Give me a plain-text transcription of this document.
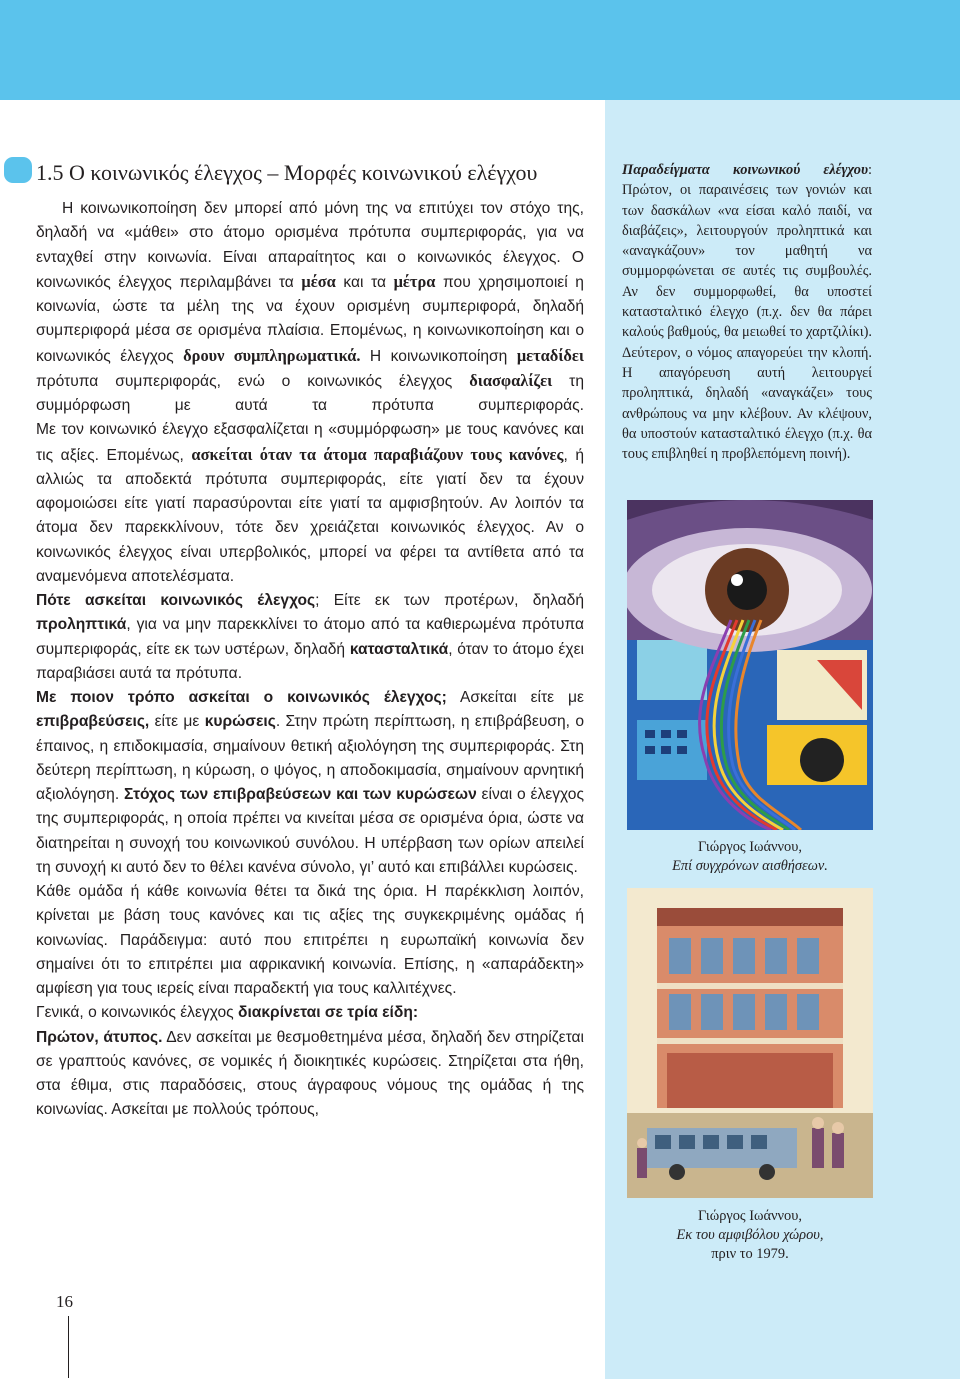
1.5 Ο κοινωνικός έλεγχος – Μορφές κοινωνικού ελέγχου

Η κοινωνικοποίηση δεν μπορεί από μόνη της να επιτύχει τον στόχο της, δηλαδή να «μάθει» στο άτομο ορισμένα πρότυπα συμπεριφοράς, για να ενταχθεί στην κοινωνία. Είναι απαραίτητος και ο κοινωνικός έλεγχος. Ο κοινωνικός έλεγχος περιλαμβάνει τα μέσα και τα μέτρα που χρησιμοποιεί η κοινωνία, ώστε τα μέλη της να έχουν ορισμένη συμπεριφορά, δηλαδή συμπεριφορά μέσα σε ορισμένα πλαίσια. Επομένως, η κοινωνικοποίηση και ο κοινωνικός έλεγχος δρουν συμπληρωματικά. Η κοινωνικοποίηση μεταδίδει πρότυπα συμπεριφοράς, ενώ ο κοινωνικός έλεγχος διασφαλίζει τη συμμόρφωση με αυτά τα πρότυπα συμπεριφοράς.

Με τον κοινωνικό έλεγχο εξασφαλίζεται η «συμμόρφωση» με τους κανόνες και τις αξίες. Επομένως, ασκείται όταν τα άτομα παραβιάζουν τους κανόνες, ή αλλιώς τα αποδεκτά πρότυπα συμπεριφοράς, είτε γιατί δεν τα έχουν αφομοιώσει είτε γιατί παρασύρονται είτε γιατί τα αμφισβητούν. Αν λοιπόν τα άτομα δεν παρεκκλίνουν, τότε δεν χρειάζεται κοινωνικός έλεγχος. Αν ο κοινωνικός έλεγχος είναι υπερβολικός, μπορεί να φέρει τα αντίθετα από τα αναμενόμενα αποτελέσματα.

Πότε ασκείται κοινωνικός έλεγχος; Είτε εκ των προτέρων, δηλαδή προληπτικά, για να μην παρεκκλίνει το άτομο από τα καθιερωμένα πρότυπα συμπεριφοράς, είτε εκ των υστέρων, δηλαδή κατασταλτικά, όταν το άτομο έχει παραβιάσει αυτά τα πρότυπα.

Με ποιον τρόπο ασκείται ο κοινωνικός έλεγχος; Ασκείται είτε με επιβραβεύσεις, είτε με κυρώσεις. Στην πρώτη περίπτωση, η επιβράβευση, ο έπαινος, η επιδοκιμασία, σημαίνουν θετική αξιολόγηση της συμπεριφοράς. Στη δεύτερη περίπτωση, η κύρωση, ο ψόγος, η αποδοκιμασία, σημαίνουν αρνητική αξιολόγηση. Στόχος των επιβραβεύσεων και των κυρώσεων είναι ο έλεγχος της συμπεριφοράς, η οποία πρέπει να κινείται μέσα σε ορισμένα όρια, ώστε να διατηρείται η συνοχή του κοινωνικού συνόλου. Η υπέρβαση των ορίων απειλεί τη συνοχή κι αυτό δεν το θέλει κανένα σύνολο, γι’ αυτό και επιβάλλει κυρώσεις.

Κάθε ομάδα ή κάθε κοινωνία θέτει τα δικά της όρια. Η παρέκκλιση λοιπόν, κρίνεται με βάση τους κανόνες και τις αξίες της συγκεκριμένης ομάδας ή κοινωνίας. Παράδειγμα: αυτό που επιτρέπει η ευρωπαϊκή κοινωνία δεν σημαίνει ότι το επιτρέπει μια αφρικανική κοινωνία. Επίσης, η «απαράδεκτη» αμφίεση για τους ιερείς είναι παραδεκτή για τους καλλιτέχνες.

Γενικά, ο κοινωνικός έλεγχος διακρίνεται σε τρία είδη:

Πρώτον, άτυπος. Δεν ασκείται με θεσμοθετημένα μέσα, δηλαδή δεν στηρίζεται σε γραπτούς κανόνες, σε νομικές ή διοικητικές κυρώσεις. Στηρίζεται στα ήθη, στα έθιμα, στις παραδόσεις, στους άγραφους νόμους της ομάδας ή της κοινωνίας. Ασκείται με πολλούς τρόπους,

Παραδείγματα κοινωνικού ελέγχου: Πρώτον, οι παραινέσεις των γονιών και των δασκάλων «να είσαι καλό παιδί, να διαβάζεις», λειτουργούν προληπτικά και «αναγκάζουν» τον μαθητή να συμμορφώνεται σε αυτές τις συμβουλές. Αν δεν συμμορφωθεί, θα υποστεί κατασταλτικό έλεγχο (π.χ. δεν θα πάρει καλούς βαθμούς, θα μειωθεί το χαρτζιλίκι). Δεύτερον, ο νόμος απαγορεύει την κλοπή. Η απαγόρευση αυτή λειτουργεί προληπτικά, δηλαδή «αναγκάζει» τους ανθρώπους να μην κλέβουν. Αν κλέψουν, θα υποστούν κατασταλτικό έλεγχο (π.χ. θα τους επιβληθεί η προβλεπόμενη ποινή).
Γιώργος Ιωάννου,
Επί συγχρόνων αισθήσεων.
Γιώργος Ιωάννου,
Εκ του αμφιβόλου χώρου,
πριν το 1979.
16
